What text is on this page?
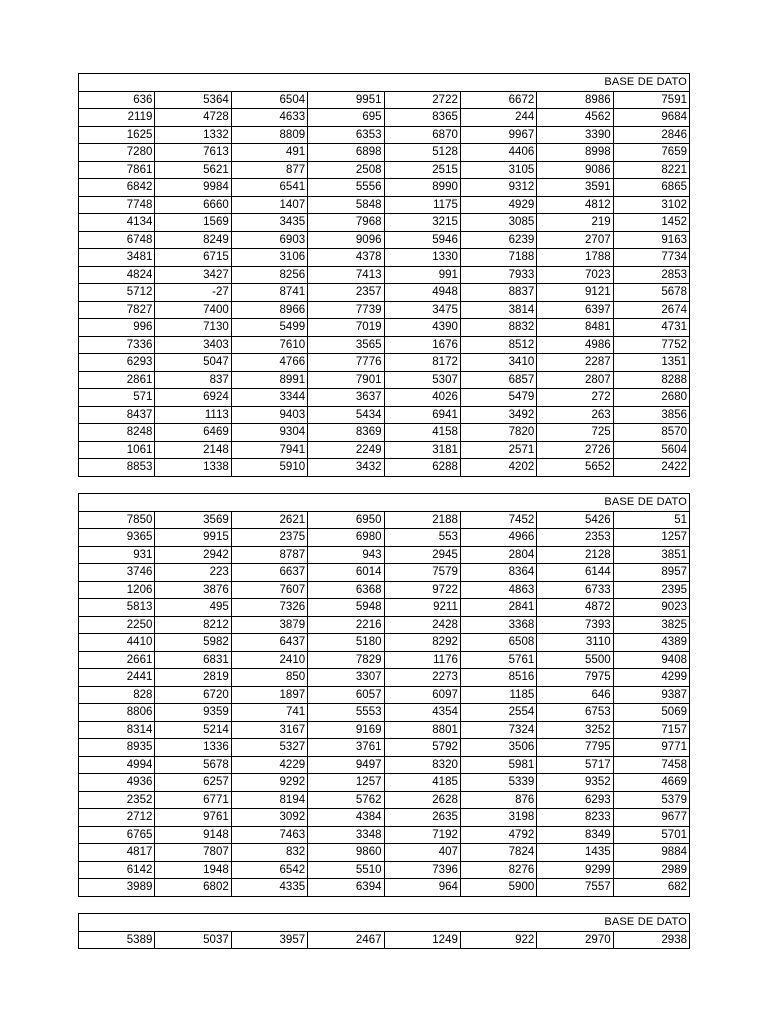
BASE DE DATO							
636	5364	6504	9951	2722	6672	8986	7591
2119	4728	4633	695	8365	244	4562	9684
1625	1332	8809	6353	6870	9967	3390	2846
7280	7613	491	6898	5128	4406	8998	7659
7861	5621	877	2508	2515	3105	9086	8221
6842	9984	6541	5556	8990	9312	3591	6865
7748	6660	1407	5848	1175	4929	4812	3102
4134	1569	3435	7968	3215	3085	219	1452
6748	8249	6903	9096	5946	6239	2707	9163
3481	6715	3106	4378	1330	7188	1788	7734
4824	3427	8256	7413	991	7933	7023	2853
5712	-27	8741	2357	4948	8837	9121	5678
7827	7400	8966	7739	3475	3814	6397	2674
996	7130	5499	7019	4390	8832	8481	4731
7336	3403	7610	3565	1676	8512	4986	7752
6293	5047	4766	7776	8172	3410	2287	1351
2861	837	8991	7901	5307	6857	2807	8288
571	6924	3344	3637	4026	5479	272	2680
8437	1113	9403	5434	6941	3492	263	3856
8248	6469	9304	8369	4158	7820	725	8570
1061	2148	7941	2249	3181	2571	2726	5604
8853	1338	5910	3432	6288	4202	5652	2422
BASE DE DATO							
7850	3569	2621	6950	2188	7452	5426	51
9365	9915	2375	6980	553	4966	2353	1257
931	2942	8787	943	2945	2804	2128	3851
3746	223	6637	6014	7579	8364	6144	8957
1206	3876	7607	6368	9722	4863	6733	2395
5813	495	7326	5948	9211	2841	4872	9023
2250	8212	3879	2216	2428	3368	7393	3825
4410	5982	6437	5180	8292	6508	3110	4389
2661	6831	2410	7829	1176	5761	5500	9408
2441	2819	850	3307	2273	8516	7975	4299
828	6720	1897	6057	6097	1185	646	9387
8806	9359	741	5553	4354	2554	6753	5069
8314	5214	3167	9169	8801	7324	3252	7157
8935	1336	5327	3761	5792	3506	7795	9771
4994	5678	4229	9497	8320	5981	5717	7458
4936	6257	9292	1257	4185	5339	9352	4669
2352	6771	8194	5762	2628	876	6293	5379
2712	9761	3092	4384	2635	3198	8233	9677
6765	9148	7463	3348	7192	4792	8349	5701
4817	7807	832	9860	407	7824	1435	9884
6142	1948	6542	5510	7396	8276	9299	2989
3989	6802	4335	6394	964	5900	7557	682
BASE DE DATO
5389	5037	3957	2467	1249	922	2970	2938
